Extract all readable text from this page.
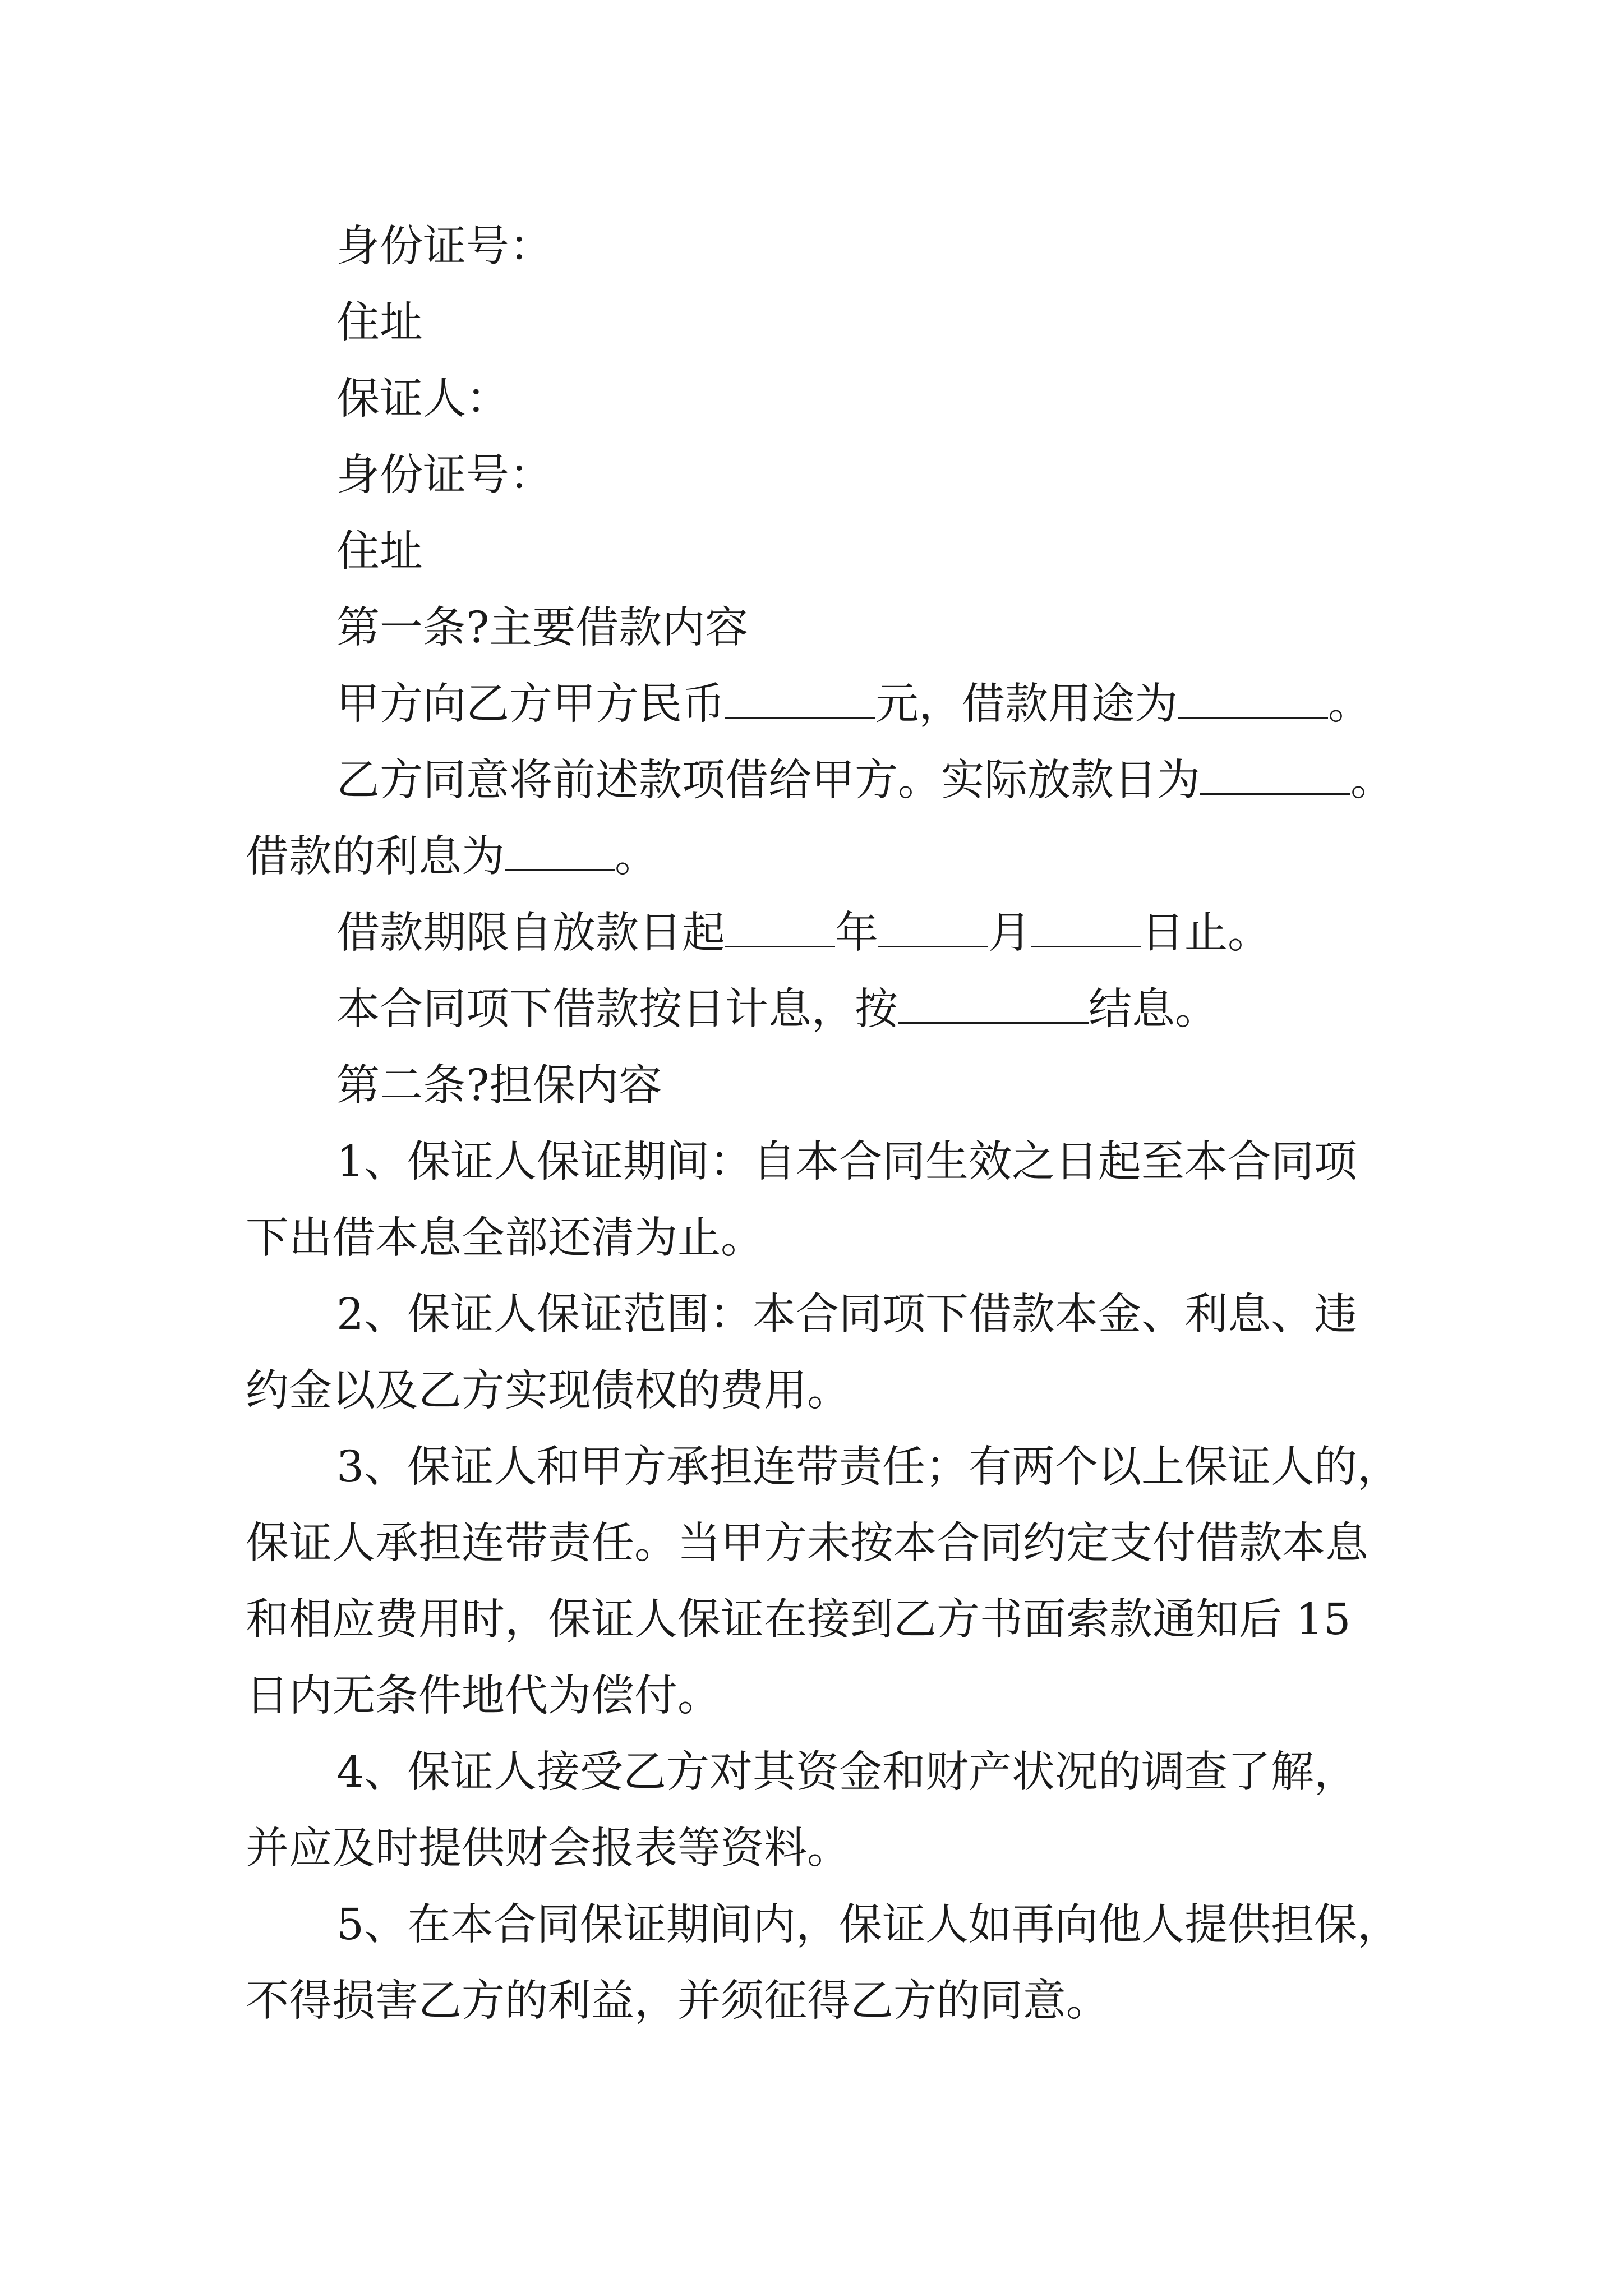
身份证号：
住址
保证人：
身份证号：
住址
第一条?主要借款内容
甲方向乙方甲方民币	元，借款用途为	。
乙方同意将前述款项借给甲方。实际放款日为	。
借款的利息为	。
借款期限自放款日起	年	月	日止。
本合同项下借款按日计息，按	结息。
第二条?担保内容
1、保证人保证期间：自本合同生效之日起至本合同项
下出借本息全部还清为止。
2、保证人保证范围：本合同项下借款本金、利息、违
约金以及乙方实现债权的费用。
3、保证人和甲方承担连带责任；有两个以上保证人的，
保证人承担连带责任。当甲方未按本合同约定支付借款本息
和相应费用时，保证人保证在接到乙方书面索款通知后 15
日内无条件地代为偿付。
4、保证人接受乙方对其资金和财产状况的调查了解，
并应及时提供财会报表等资料。
5、在本合同保证期间内，保证人如再向他人提供担保，
不得损害乙方的利益，并须征得乙方的同意。
